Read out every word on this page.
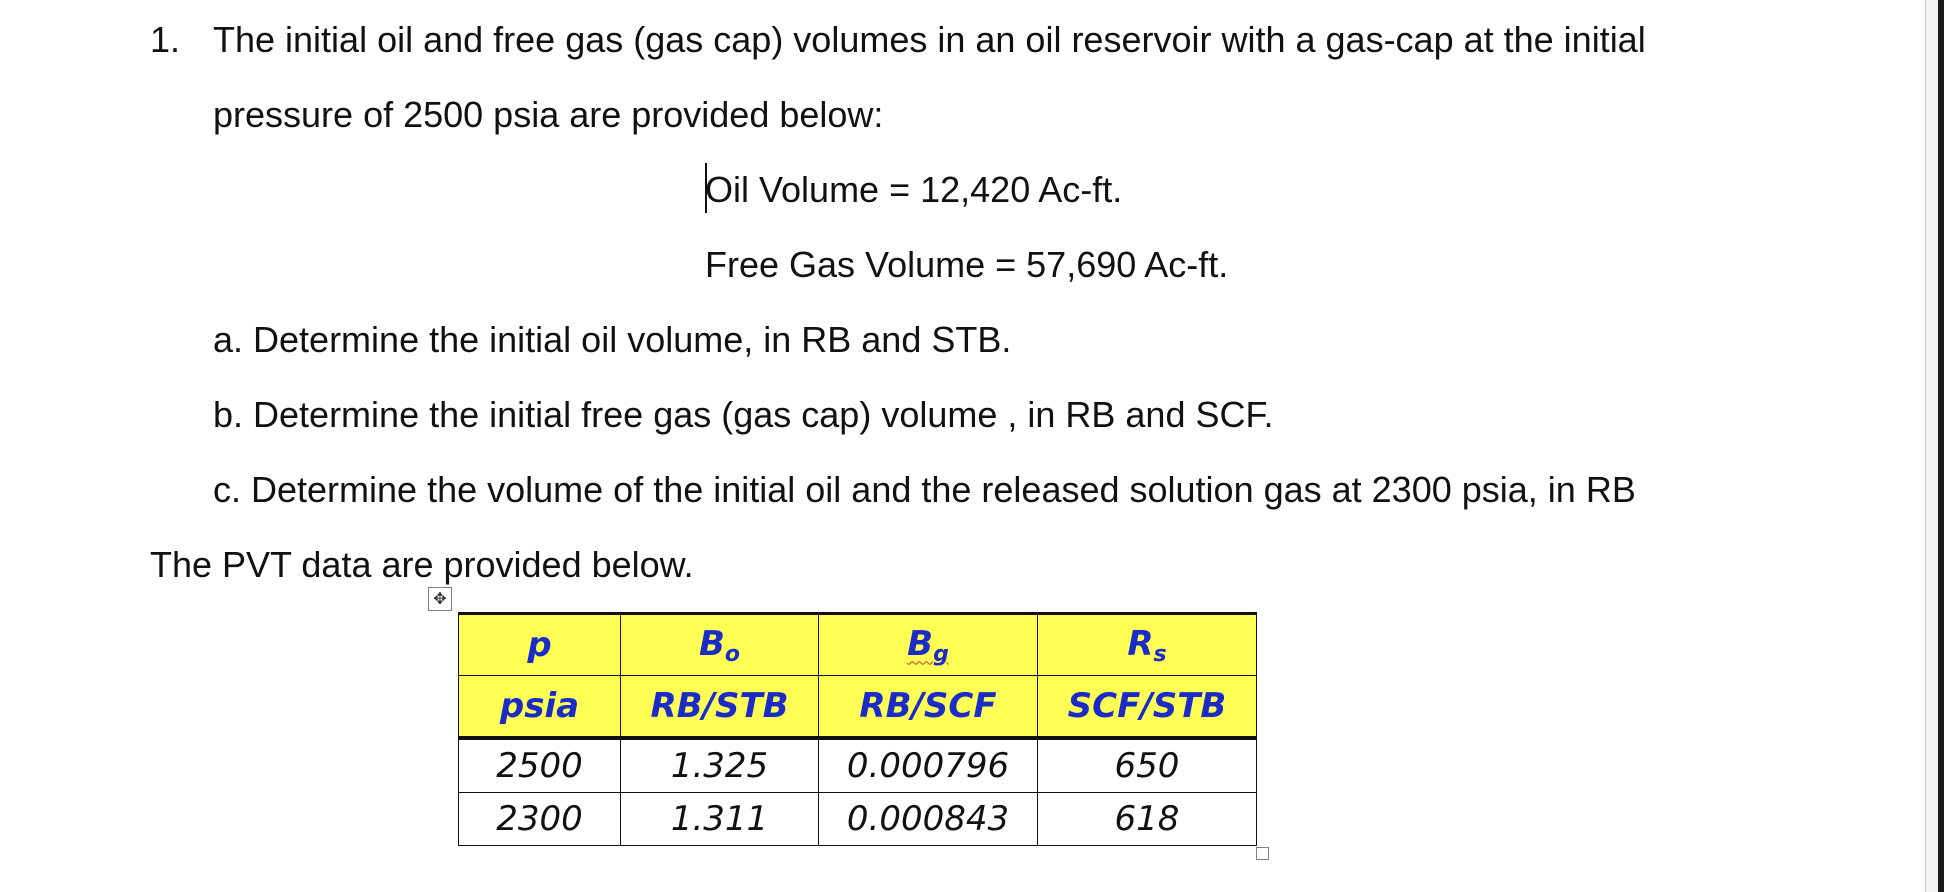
1. The initial oil and free gas (gas cap) volumes in an oil reservoir with a gas-cap at the initial
pressure of 2500 psia are provided below:
Oil Volume = 12,420 Ac-ft.
Free Gas Volume = 57,690 Ac-ft.
a. Determine the initial oil volume, in RB and STB.
b. Determine the initial free gas (gas cap) volume , in RB and SCF.
c. Determine the volume of the initial oil and the released solution gas at 2300 psia, in RB
The PVT data are provided below.
✥
p	$B_o$	$B_g$	$R_s$
psia	RB/STB	RB/SCF	SCF/STB
2500	1.325	0.000796	650
2300	1.311	0.000843	618
